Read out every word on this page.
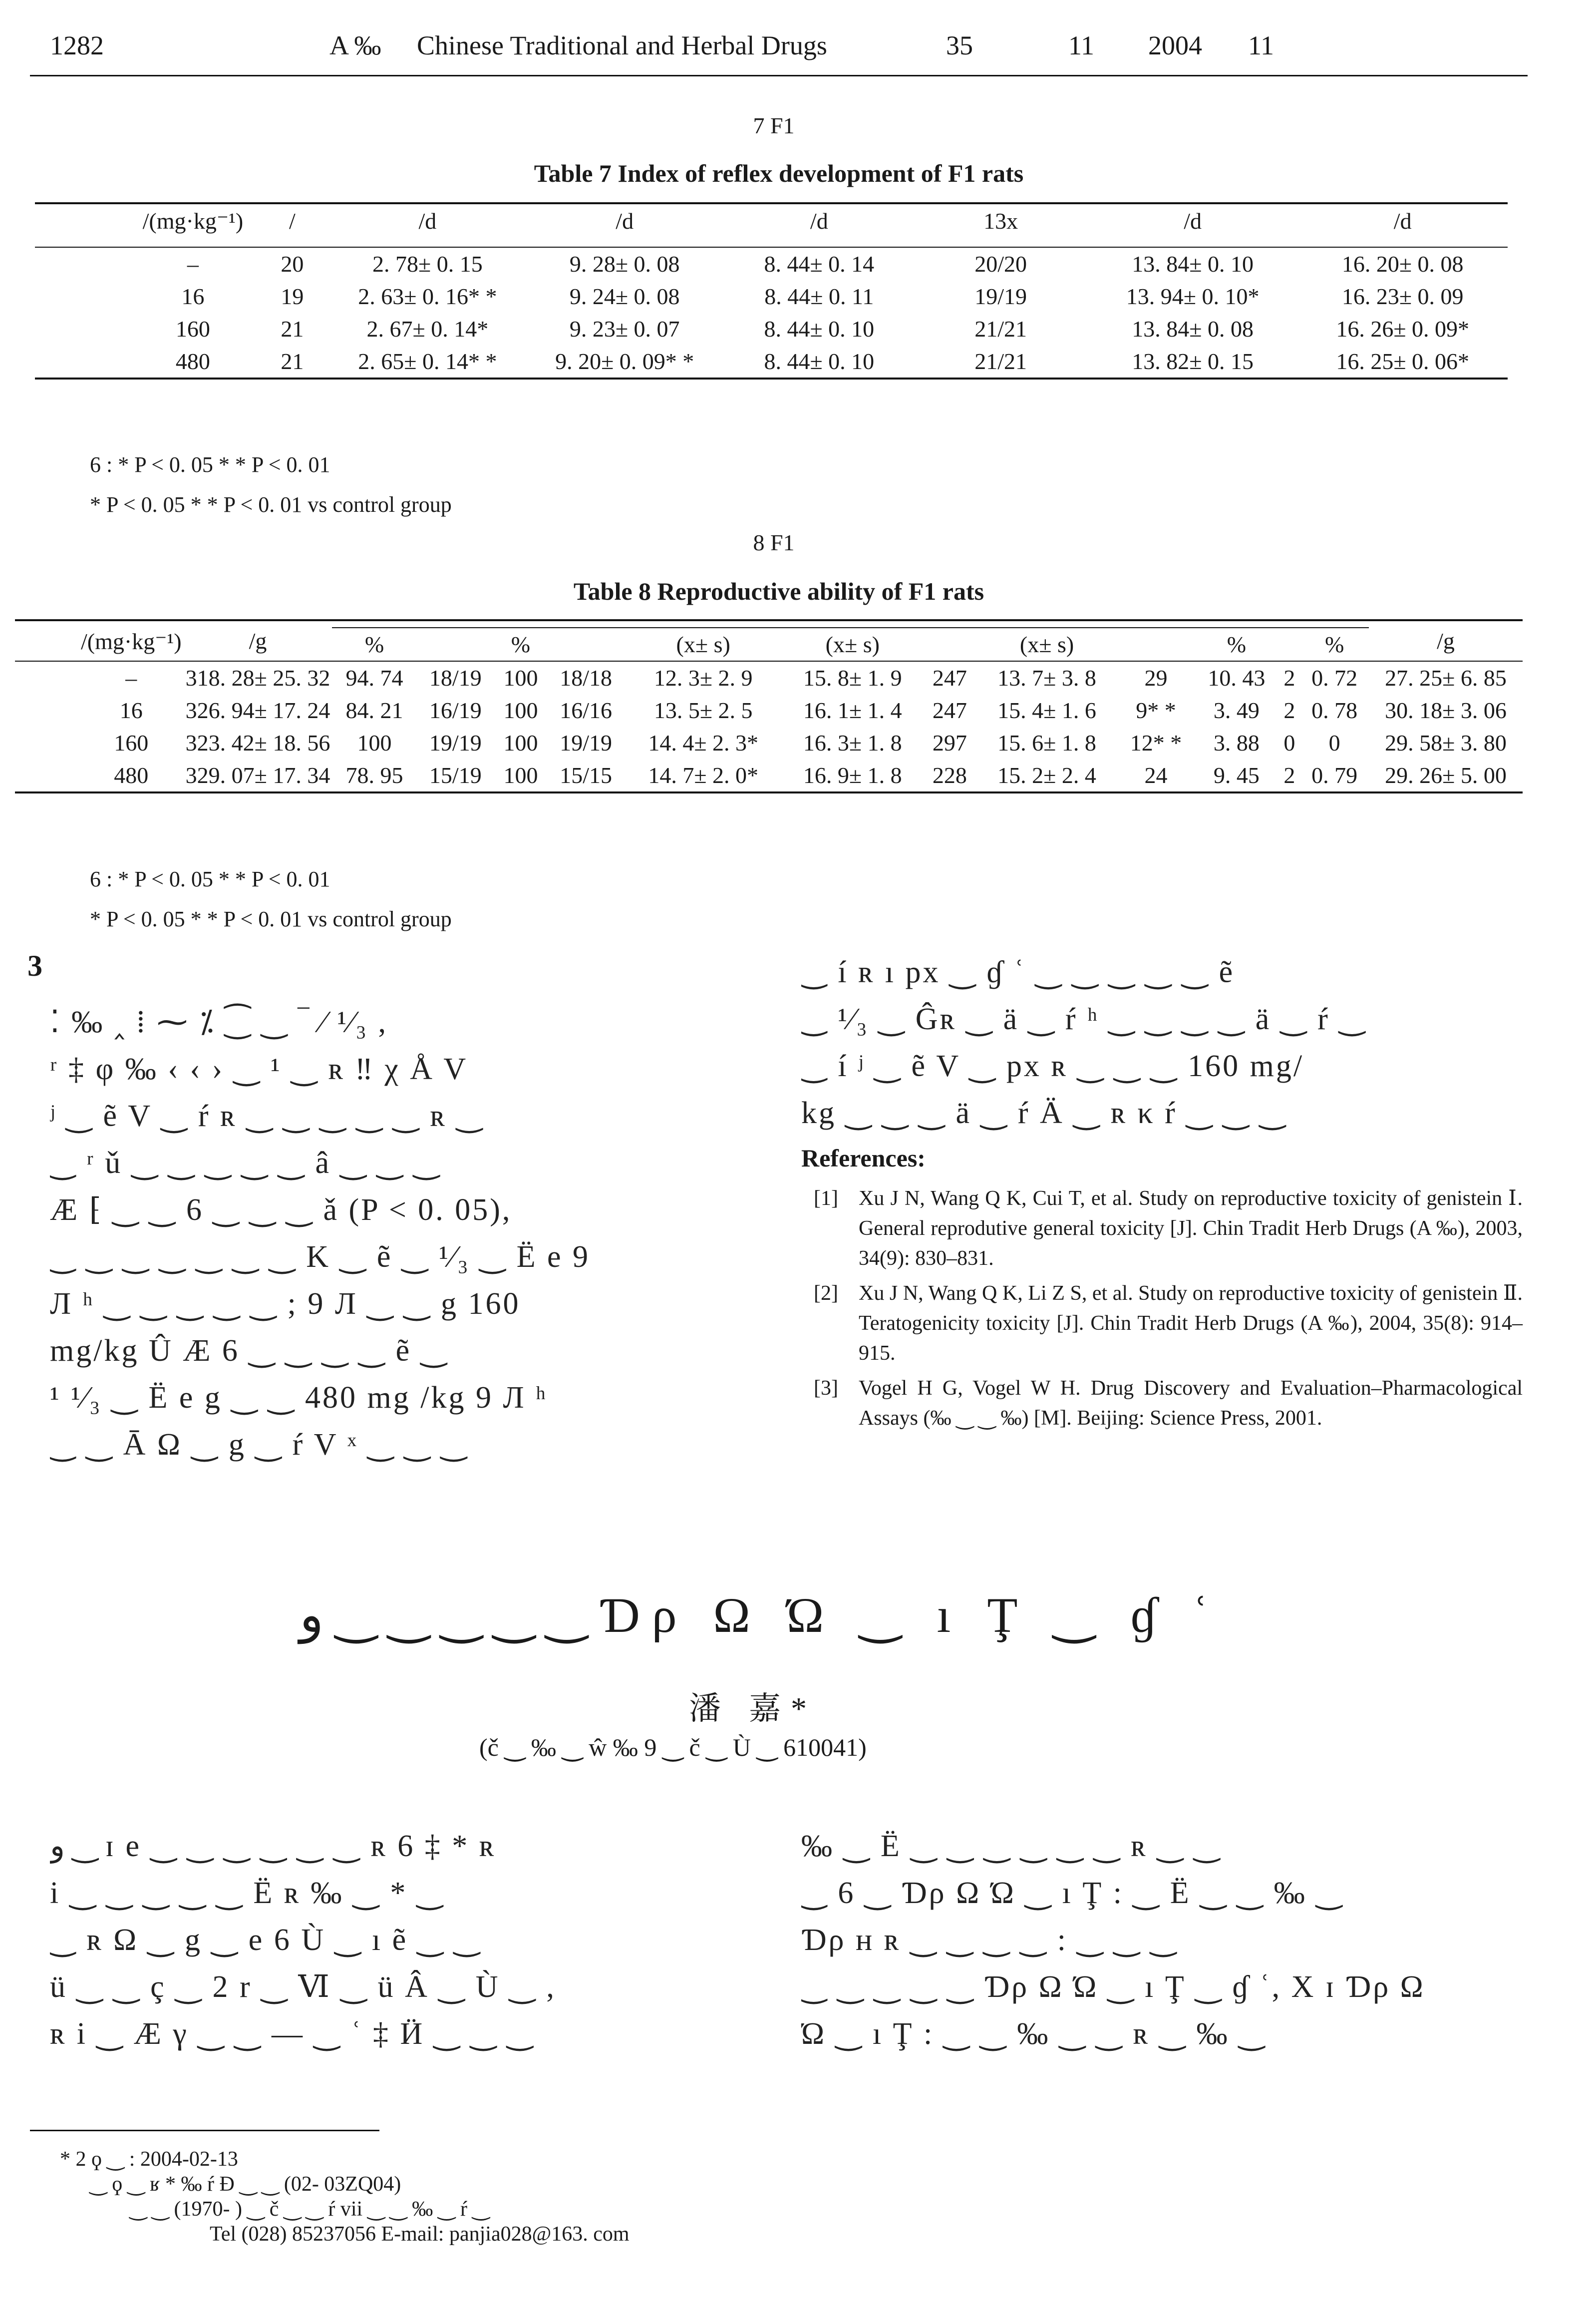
1282	A ‰ Chinese Traditional and Herbal Drugs	35	11 2004 11
7 F1
Table 7 Index of reflex development of F1 rats
	/(mg·kg⁻¹)	/	/d	/d	/d	13x	/d	/d

	–	20	2. 78± 0. 15	9. 28± 0. 08	8. 44± 0. 14	20/20	13. 84± 0. 10	16. 20± 0. 08
	16	19	2. 63± 0. 16* *	9. 24± 0. 08	8. 44± 0. 11	19/19	13. 94± 0. 10*	16. 23± 0. 09
	160	21	2. 67± 0. 14*	9. 23± 0. 07	8. 44± 0. 10	21/21	13. 84± 0. 08	16. 26± 0. 09*
	480	21	2. 65± 0. 14* *	9. 20± 0. 09* *	8. 44± 0. 10	21/21	13. 82± 0. 15	16. 25± 0. 06*
6 : * P < 0. 05 * * P < 0. 01
* P < 0. 05 * * P < 0. 01 vs control group
8 F1
Table 8 Reproductive ability of F1 rats
	/(mg·kg⁻¹)	/g													/g
			%		%		(x± s)	(x± s)		(x± s)		%		%	
	–	318. 28± 25. 32	94. 74	18/19	100	18/18	12. 3± 2. 9	15. 8± 1. 9	247	13. 7± 3. 8	29	10. 43	2	0. 72	27. 25± 6. 85
	16	326. 94± 17. 24	84. 21	16/19	100	16/16	13. 5± 2. 5	16. 1± 1. 4	247	15. 4± 1. 6	9* *	3. 49	2	0. 78	30. 18± 3. 06
	160	323. 42± 18. 56	100	19/19	100	19/19	14. 4± 2. 3*	16. 3± 1. 8	297	15. 6± 1. 8	12* *	3. 88	0	0	29. 58± 3. 80
	480	329. 07± 17. 34	78. 95	15/19	100	15/15	14. 7± 2. 0*	16. 9± 1. 8	228	15. 2± 2. 4	24	9. 45	2	0. 79	29. 26± 5. 00
6 : * P < 0. 05 * * P < 0. 01
* P < 0. 05 * * P < 0. 01 vs control group
3
⁚ ‰ ‸ ⁞ ⁓ ⁒ ⁐ ‿ ‾ ⁄ ¹⁄₃ ,
ʳ ‡ φ ‰ ‹ ‹ › ‿ ¹ ‿ ʀ ‼ χ Å V
ʲ ‿ ẽ V ‿ ŕ ʀ ‿ ‿ ‿ ‿ ‿ ʀ ‿
‿ ʳ ǔ ‿ ‿ ‿ ‿ ‿ â ‿ ‿ ‿
Æ ⁅ ‿ ‿ 6 ‿ ‿ ‿ ǎ (P < 0. 05),
‿ ‿ ‿ ‿ ‿ ‿ ‿ K ‿ ẽ ‿ ¹⁄₃ ‿ Ë e 9
Л ʰ ‿ ‿ ‿ ‿ ‿ ; 9 Л ‿ ‿ g 160
mg/kg Û Æ 6 ‿ ‿ ‿ ‿ ẽ ‿
¹ ¹⁄₃ ‿ Ë e g ‿ ‿ 480 mg /kg 9 Л ʰ
‿ ‿ Ā Ω ‿ g ‿ ŕ V ˣ ‿ ‿ ‿
‿ í ʀ ı px ‿ ɠ ʿ ‿ ‿ ‿ ‿ ‿ ẽ
‿ ¹⁄₃ ‿ Ĝʀ ‿ ä ‿ ŕ ʰ ‿ ‿ ‿ ‿ ä ‿ ŕ ‿
‿ í ʲ ‿ ẽ V ‿ px ʀ ‿ ‿ ‿ 160 mg/
kg ‿ ‿ ‿ ä ‿ ŕ Ä ‿ ʀ κ ŕ ‿ ‿ ‿
References:
[1] Xu J N, Wang Q K, Cui T, et al. Study on reproductive toxicity of genistein Ⅰ. General reprodutive general toxicity [J]. Chin Tradit Herb Drugs (A ‰), 2003, 34(9): 830–831.
[2] Xu J N, Wang Q K, Li Z S, et al. Study on reproductive toxicity of genistein Ⅱ. Teratogenicity toxicity [J]. Chin Tradit Herb Drugs (A ‰), 2004, 35(8): 914–915.
[3] Vogel H G, Vogel W H. Drug Discovery and Evaluation–Pharmacological Assays (‰ ‿ ‿ ‰) [M]. Beijing: Science Press, 2001.
ﻭ ‿ ‿ ‿ ‿ ‿ Ɗρ Ω Ώ ‿ ı Ţ ‿ ɠ ʿ
潘 嘉*
(č ‿ ‰ ‿ ŵ ‰ 9 ‿ č ‿ Ù ‿ 610041)
ﻭ ‿ ɪ e ‿ ‿ ‿ ‿ ‿ ‿ ʀ 6 ‡ * ʀ
i ‿ ‿ ‿ ‿ ‿ Ë ʀ ‰ ‿ * ‿
‿ ʀ Ω ‿ g ‿ e 6 Ù ‿ ı ẽ ‿ ‿
ü ‿ ‿ ç ‿ 2 r ‿ Ⅵ ‿ ü Â ‿ Ù ‿ ,
ʀ i ‿ Æ γ ‿ ‿ — ‿ ʿ ‡ Ӥ ‿ ‿ ‿
‰ ‿ Ë ‿ ‿ ‿ ‿ ‿ ‿ ʀ ‿ ‿
‿ 6 ‿ Ɗρ Ω Ώ ‿ ı Ţ : ‿ Ë ‿ ‿ ‰ ‿
Ɗρ ʜ ʀ ‿ ‿ ‿ ‿ : ‿ ‿ ‿
‿ ‿ ‿ ‿ ‿ Ɗρ Ω Ώ ‿ ı Ţ ‿ ɠ ʿ, X ɪ Ɗρ Ω
Ώ ‿ ı Ţ : ‿ ‿ ‰ ‿ ‿ ʀ ‿ ‰ ‿
* 2 ϙ ‿ : 2004-02-13
‿ ϙ ‿ ʁ * ‰ ŕ Ɖ ‿ ‿ (02- 03ZQ04)
‿ ‿ (1970- ) ‿ č ‿ ‿ ŕ vii ‿ ‿ ‰ ‿ ŕ ‿
Tel (028) 85237056 E-mail: panjia028@163. com
